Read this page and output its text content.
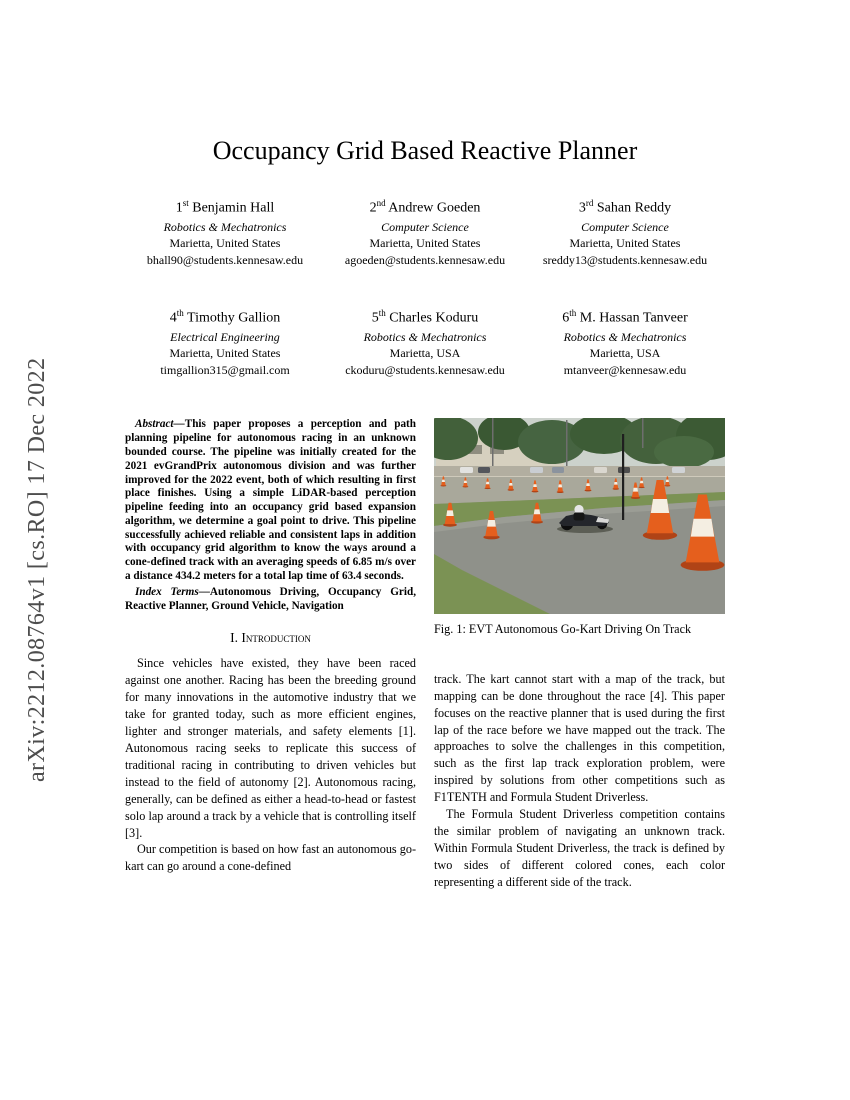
arXiv:2212.08764v1 [cs.RO] 17 Dec 2022
Occupancy Grid Based Reactive Planner
1st Benjamin Hall
Robotics & Mechatronics
Marietta, United States
bhall90@students.kennesaw.edu
2nd Andrew Goeden
Computer Science
Marietta, United States
agoeden@students.kennesaw.edu
3rd Sahan Reddy
Computer Science
Marietta, United States
sreddy13@students.kennesaw.edu
4th Timothy Gallion
Electrical Engineering
Marietta, United States
timgallion315@gmail.com
5th Charles Koduru
Robotics & Mechatronics
Marietta, USA
ckoduru@students.kennesaw.edu
6th M. Hassan Tanveer
Robotics & Mechatronics
Marietta, USA
mtanveer@kennesaw.edu

Abstract—This paper proposes a perception and path planning pipeline for autonomous racing in an unknown bounded course. The pipeline was initially created for the 2021 evGrandPrix autonomous division and was further improved for the 2022 event, both of which resulting in first place finishes. Using a simple LiDAR-based perception pipeline feeding into an occupancy grid based expansion algorithm, we determine a goal point to drive. This pipeline successfully achieved reliable and consistent laps in addition with occupancy grid algorithm to know the ways around a cone-defined track with an averaging speeds of 6.85 m/s over a distance 434.2 meters for a total lap time of 63.4 seconds.

Index Terms—Autonomous Driving, Occupancy Grid, Reactive Planner, Ground Vehicle, Navigation

I. Introduction

Since vehicles have existed, they have been raced against one another. Racing has been the breeding ground for many innovations in the automotive industry that we take for granted today, such as more efficient engines, lighter and stronger materials, and safety elements [1]. Autonomous racing seeks to replicate this success of traditional racing in contributing to driven vehicles but instead to the field of autonomy [2]. Autonomous racing, generally, can be defined as either a head-to-head or fastest solo lap around a track by a vehicle that is controlling itself [3].

Our competition is based on how fast an autonomous go-kart can go around a cone-defined

Fig. 1: EVT Autonomous Go-Kart Driving On Track

track. The kart cannot start with a map of the track, but mapping can be done throughout the race [4]. This paper focuses on the reactive planner that is used during the first lap of the race before we have mapped out the track. The approaches to solve the challenges in this competition, such as the first lap track exploration problem, were inspired by solutions from other competitions such as F1TENTH and Formula Student Driverless.

The Formula Student Driverless competition contains the similar problem of navigating an unknown track. Within Formula Student Driverless, the track is defined by two sides of different colored cones, each color representing a different side of the track.
